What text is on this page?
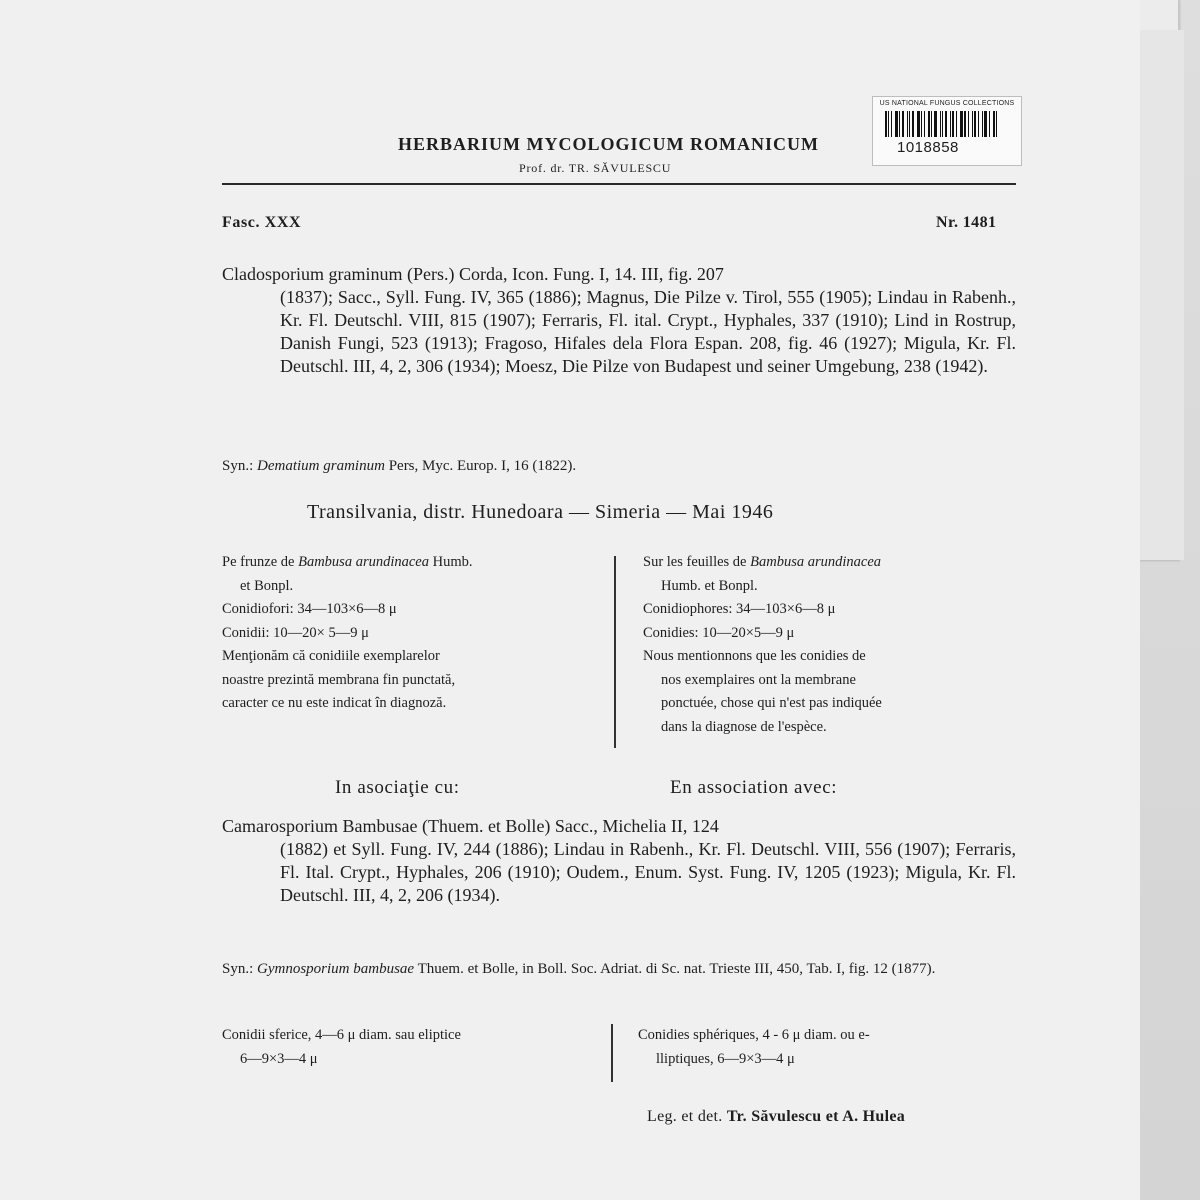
US NATIONAL FUNGUS COLLECTIONS
1018858
HERBARIUM MYCOLOGICUM ROMANICUM
Prof. dr. TR. SĂVULESCU
Fasc. XXX	Nr. 1481
Cladosporium graminum (Pers.) Corda, Icon. Fung. I, 14. III, fig. 207
(1837); Sacc., Syll. Fung. IV, 365 (1886); Magnus, Die Pilze v. Tirol, 555 (1905); Lindau in Rabenh., Kr. Fl. Deutschl. VIII, 815 (1907); Ferraris, Fl. ital. Crypt., Hyphales, 337 (1910); Lind in Rostrup, Danish Fungi, 523 (1913); Fragoso, Hifales dela Flora Espan. 208, fig. 46 (1927); Migula, Kr. Fl. Deutschl. III, 4, 2, 306 (1934); Moesz, Die Pilze von Budapest und seiner Umgebung, 238 (1942).
Syn.: Dematium graminum Pers, Myc. Europ. I, 16 (1822).
Transilvania, distr. Hunedoara — Simeria — Mai 1946

Pe frunze de Bambusa arundinacea Humb.

et Bonpl.

Conidiofori: 34—103×6—8 μ

Conidii: 10—20× 5—9 μ

Menţionăm că conidiile exemplarelor

noastre prezintă membrana fin punctată,

caracter ce nu este indicat în diagnoză.

Sur les feuilles de Bambusa arundinacea

Humb. et Bonpl.

Conidiophores: 34—103×6—8 μ

Conidies: 10—20×5—9 μ

Nous mentionnons que les conidies de

nos exemplaires ont la membrane

ponctuée, chose qui n'est pas indiquée

dans la diagnose de l'espèce.

In asociaţie cu:	En association avec:
Camarosporium Bambusae (Thuem. et Bolle) Sacc., Michelia II, 124
(1882) et Syll. Fung. IV, 244 (1886); Lindau in Rabenh., Kr. Fl. Deutschl. VIII, 556 (1907); Ferraris, Fl. Ital. Crypt., Hyphales, 206 (1910); Oudem., Enum. Syst. Fung. IV, 1205 (1923); Migula, Kr. Fl. Deutschl. III, 4, 2, 206 (1934).
Syn.: Gymnosporium bambusae Thuem. et Bolle, in Boll. Soc. Adriat. di Sc. nat. Trieste III, 450, Tab. I, fig. 12 (1877).

Conidii sferice, 4—6 μ diam. sau eliptice

6—9×3—4 μ

Conidies sphériques, 4 - 6 μ diam. ou e-

lliptiques, 6—9×3—4 μ

Leg. et det. Tr. Săvulescu et A. Hulea
